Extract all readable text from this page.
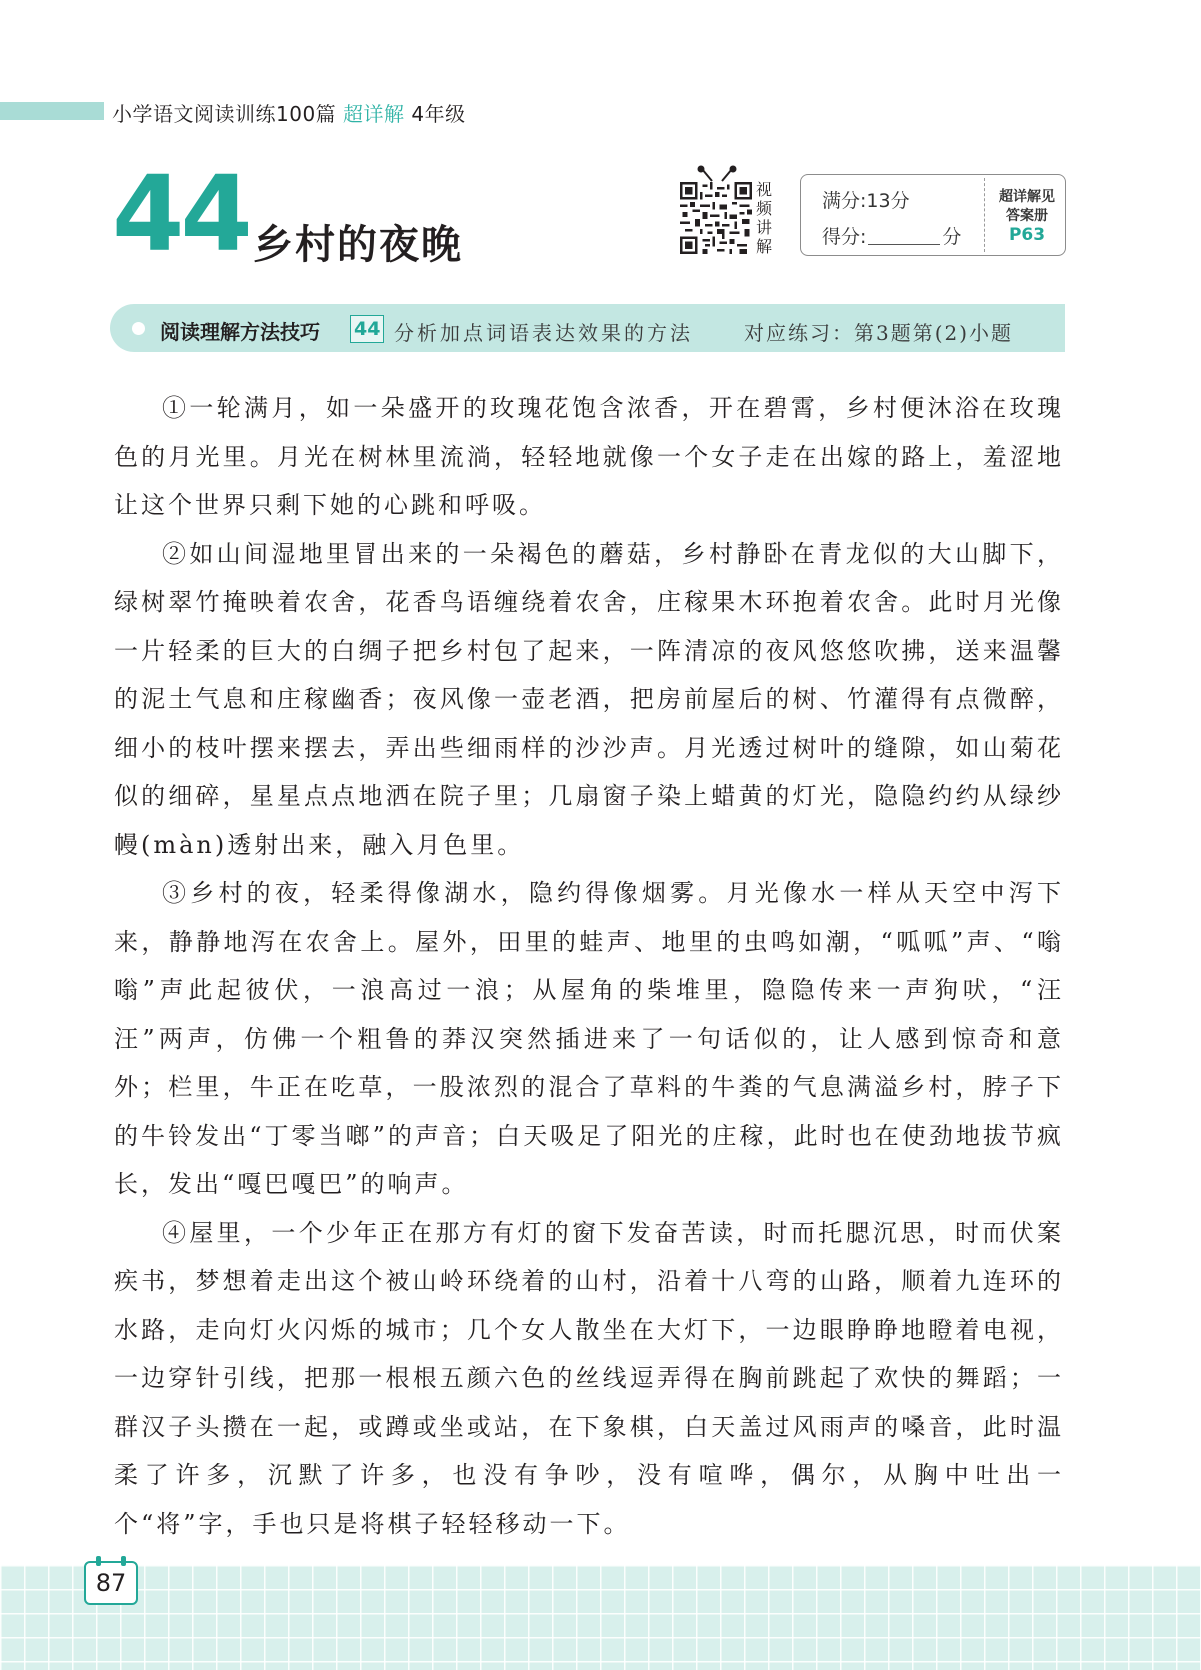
小学语文阅读训练100篇 超详解 4年级
44 乡村的夜晚
视
频
讲
解
满分:13分
得分:	分
超详解见
答案册
P63
阅读理解方法技巧 44 分析加点词语表达效果的方法	对应练习：第3题第(2)小题

①一轮满月，如一朵盛开的玫瑰花饱含浓香，开在碧霄，乡村便沐浴在玫瑰色的月光里。月光在树林里流淌，轻轻地就像一个女子走在出嫁的路上，羞涩地让这个世界只剩下她的心跳和呼吸。

②如山间湿地里冒出来的一朵褐色的蘑菇，乡村静卧在青龙似的大山脚下，绿树翠竹掩映着农舍，花香鸟语缠绕着农舍，庄稼果木环抱着农舍。此时月光像一片轻柔的巨大的白绸子把乡村包了起来，一阵清凉的夜风悠悠吹拂，送来温馨的泥土气息和庄稼幽香；夜风像一壶老酒，把房前屋后的树、竹灌得有点微醉，细小的枝叶摆来摆去，弄出些细雨样的沙沙声。月光透过树叶的缝隙，如山菊花似的细碎，星星点点地洒在院子里；几扇窗子染上蜡黄的灯光，隐隐约约从绿纱幔(màn)透射出来，融入月色里。

③乡村的夜，轻柔得像湖水，隐约得像烟雾。月光像水一样从天空中泻下来，静静地泻在农舍上。屋外，田里的蛙声、地里的虫鸣如潮，“呱呱”声、“嗡嗡”声此起彼伏，一浪高过一浪；从屋角的柴堆里，隐隐传来一声狗吠，“汪汪”两声，仿佛一个粗鲁的莽汉突然插进来了一句话似的，让人感到惊奇和意外；栏里，牛正在吃草，一股浓烈的混合了草料的牛粪的气息满溢乡村，脖子下的牛铃发出“丁零当啷”的声音；白天吸足了阳光的庄稼，此时也在使劲地拔节疯长，发出“嘎巴嘎巴”的响声。

④屋里，一个少年正在那方有灯的窗下发奋苦读，时而托腮沉思，时而伏案疾书，梦想着走出这个被山岭环绕着的山村，沿着十八弯的山路，顺着九连环的水路，走向灯火闪烁的城市；几个女人散坐在大灯下，一边眼睁睁地瞪着电视，一边穿针引线，把那一根根五颜六色的丝线逗弄得在胸前跳起了欢快的舞蹈；一群汉子头攒在一起，或蹲或坐或站，在下象棋，白天盖过风雨声的嗓音，此时温柔了许多，沉默了许多，也没有争吵，没有喧哗，偶尔，从胸中吐出一个“将”字，手也只是将棋子轻轻移动一下。

87
